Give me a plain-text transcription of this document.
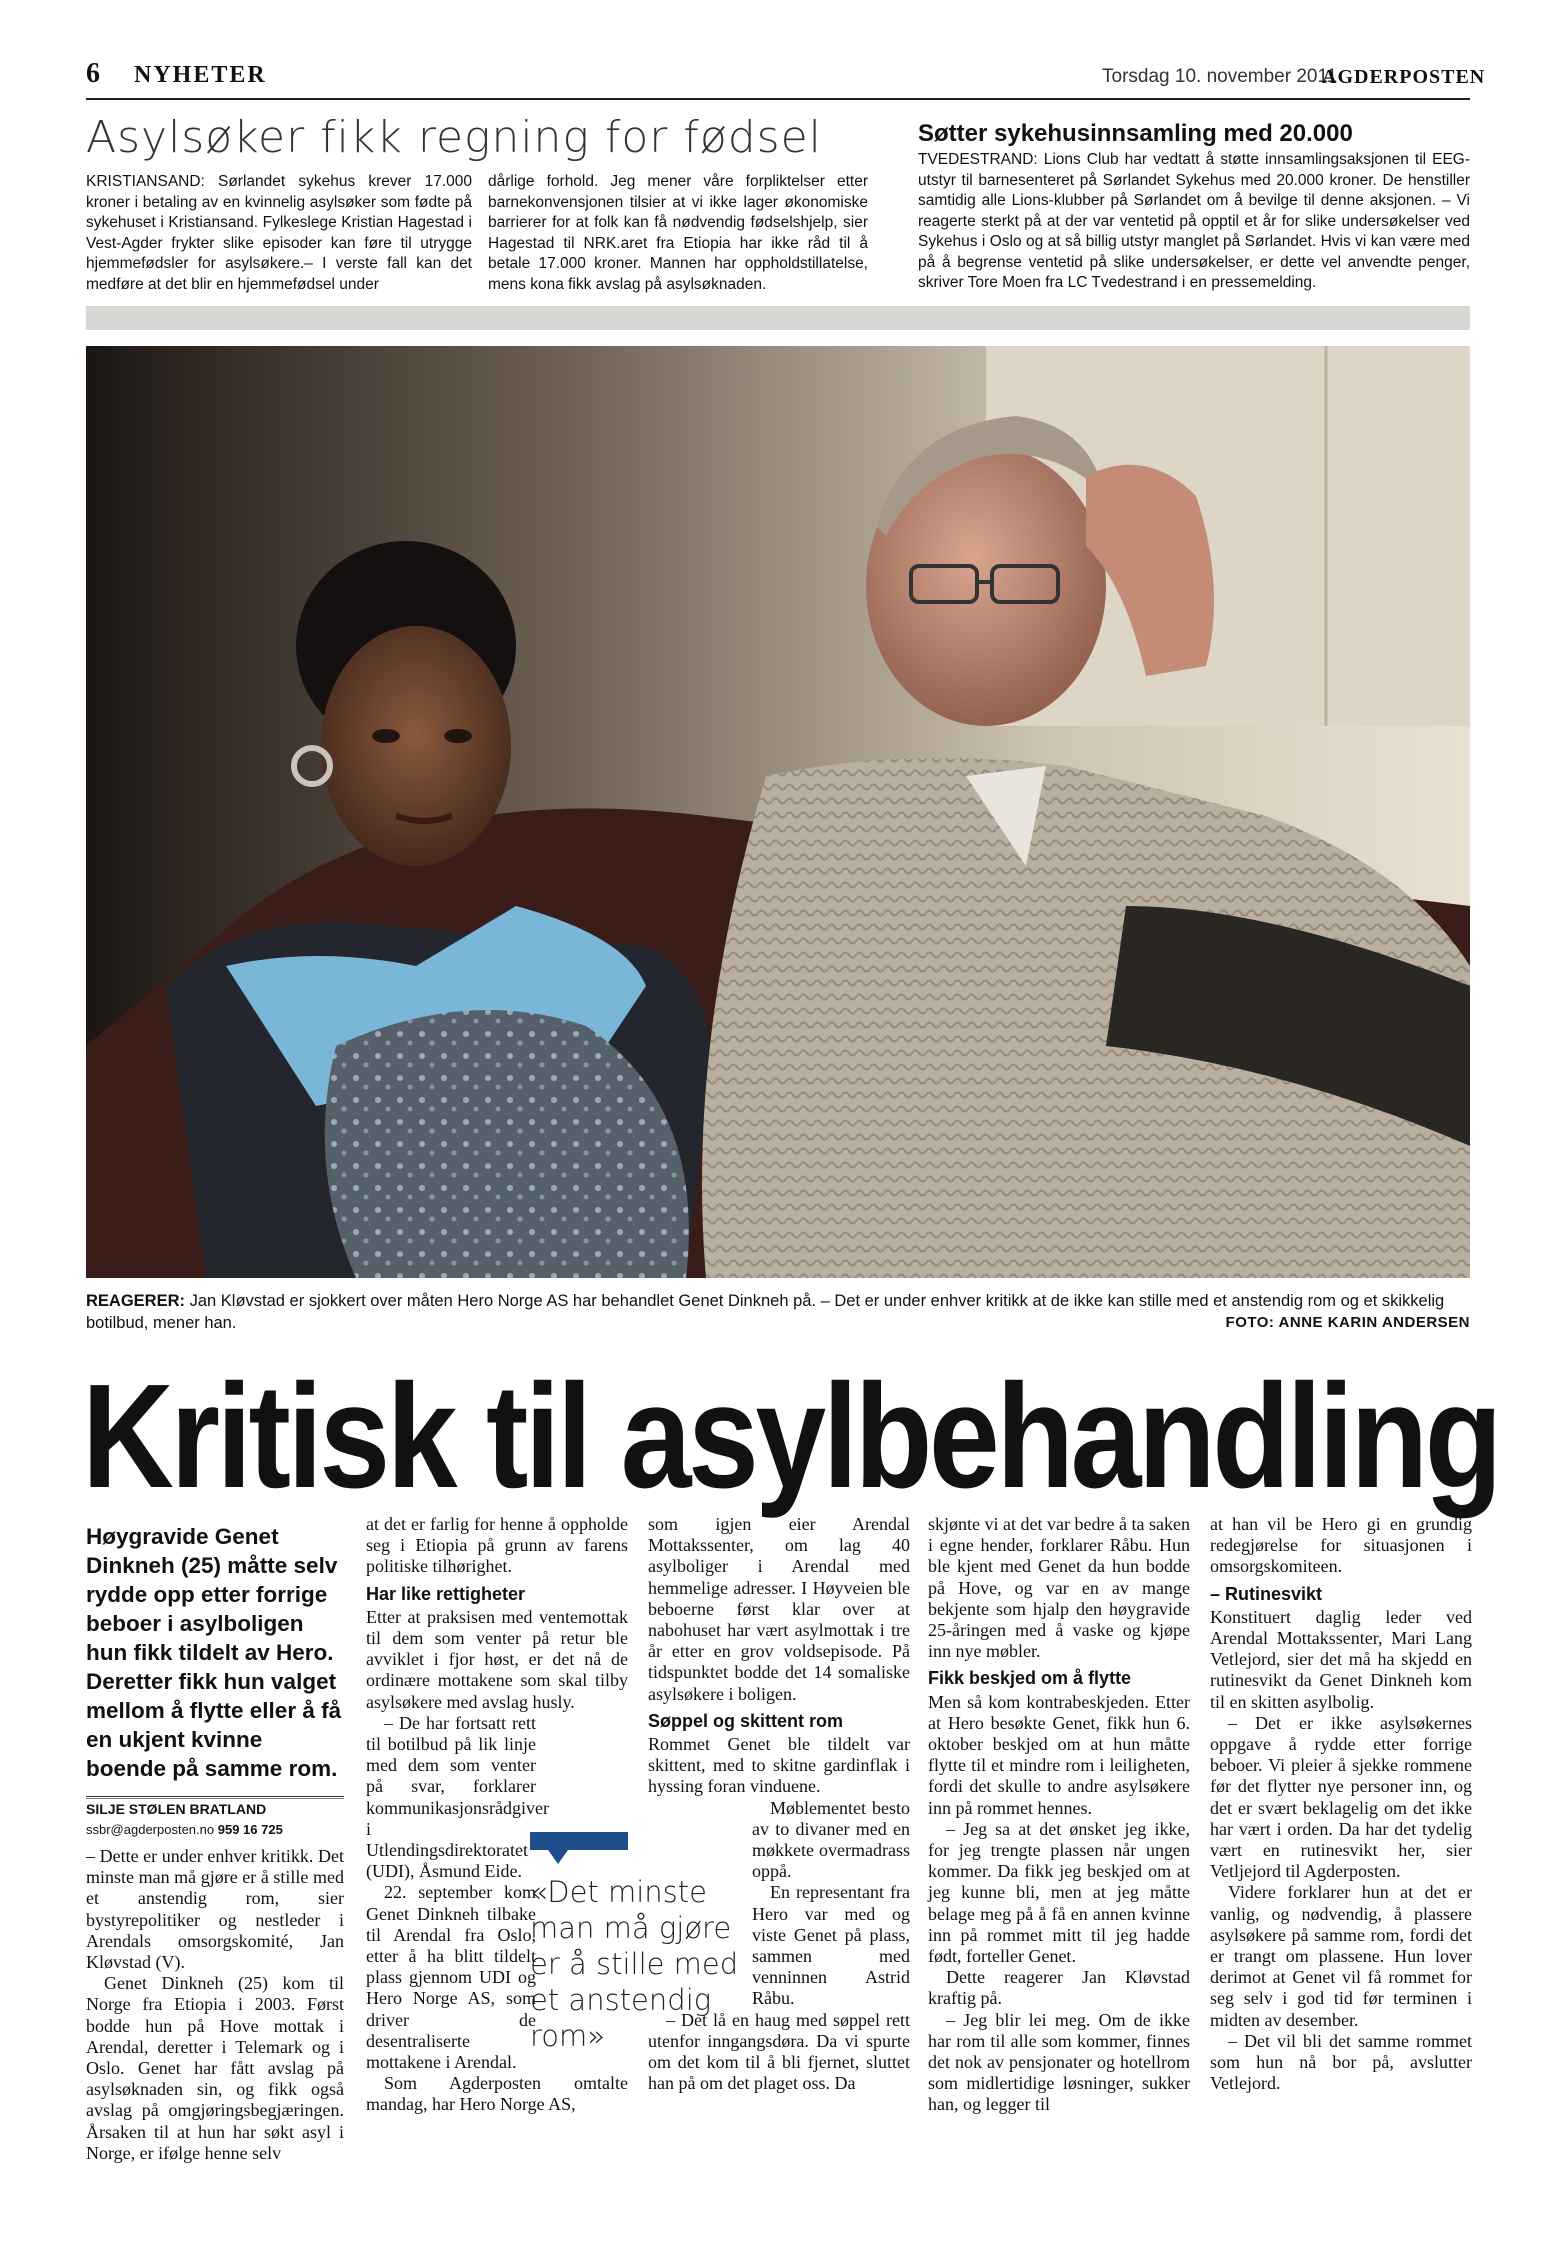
6 NYHETER	Torsdag 10. november 2011
AGDERPOSTEN
Asylsøker fikk regning for fødsel
KRISTIANSAND: Sørlandet sykehus krever 17.000 kroner i betaling av en kvinnelig asylsøker som fødte på sykehuset i Kristiansand. Fylkeslege Kristian Hagestad i Vest-Agder frykter slike episoder kan føre til utrygge hjemmefødsler for asylsøkere.– I verste fall kan det medføre at det blir en hjemmefødsel under
dårlige forhold. Jeg mener våre forpliktelser etter barnekonvensjonen tilsier at vi ikke lager økonomiske barrierer for at folk kan få nødvendig fødselshjelp, sier Hagestad til NRK.aret fra Etiopia har ikke råd til å betale 17.000 kroner. Mannen har oppholdstillatelse, mens kona fikk avslag på asylsøknaden.
Søtter sykehusinnsamling med 20.000
TVEDESTRAND: Lions Club har vedtatt å støtte innsamlingsaksjonen til EEG-utstyr til barnesenteret på Sørlandet Sykehus med 20.000 kroner. De henstiller samtidig alle Lions-klubber på Sørlandet om å bevilge til denne aksjonen. – Vi reagerte sterkt på at der var ventetid på opptil et år for slike undersøkelser ved Sykehus i Oslo og at så billig utstyr manglet på Sørlandet. Hvis vi kan være med på å begrense ventetid på slike undersøkelser, er dette vel anvendte penger, skriver Tore Moen fra LC Tvedestrand i en pressemelding.
REAGERER: Jan Kløvstad er sjokkert over måten Hero Norge AS har behandlet Genet Dinkneh på. – Det er under enhver kritikk at de ikke kan stille med et anstendig rom og et skikkelig botilbud, mener han.	FOTO: ANNE KARIN ANDERSEN
Kritisk til asylbehandling
Høygravide Genet Dinkneh (25) måtte selv rydde opp etter forrige beboer i asylboligen hun fikk tildelt av Hero. Deretter fikk hun valget mellom å flytte eller å få en ukjent kvinne boende på samme rom.
SILJE STØLEN BRATLAND
ssbr@agderposten.no 959 16 725

– Dette er under enhver kritikk. Det minste man må gjøre er å stille med et anstendig rom, sier bystyrepolitiker og nestleder i Arendals omsorgskomité, Jan Kløvstad (V).

Genet Dinkneh (25) kom til Norge fra Etiopia i 2003. Først bodde hun på Hove mottak i Arendal, deretter i Telemark og i Oslo. Genet har fått avslag på asylsøknaden sin, og fikk også avslag på omgjøringsbegjæringen. Årsaken til at hun har søkt asyl i Norge, er ifølge henne selv

at det er farlig for henne å oppholde seg i Etiopia på grunn av farens politiske tilhørighet.

Har like rettigheter

Etter at praksisen med ventemottak til dem som venter på retur ble avviklet i fjor høst, er det nå de ordinære mottakene som skal tilby asylsøkere med avslag husly.

– De har fortsatt rett til botilbud på lik linje med dem som venter på svar, forklarer kommunikasjonsrådgiver i Utlendingsdirektoratet (UDI), Åsmund Eide.

22. september kom Genet Dinkneh tilbake til Arendal fra Oslo, etter å ha blitt tildelt plass gjennom UDI og Hero Norge AS, som driver de desentraliserte mottakene i Arendal.

Som Agderposten omtalte mandag, har Hero Norge AS,

som igjen eier Arendal Mottakssenter, om lag 40 asylboliger i Arendal med hemmelige adresser. I Høyveien ble beboerne først klar over at nabohuset har vært asylmottak i tre år etter en grov voldsepisode. På tidspunktet bodde det 14 somaliske asylsøkere i boligen.

Søppel og skittent rom

Rommet Genet ble tildelt var skittent, med to skitne gardinflak i hyssing foran vinduene.

Møblementet besto av to divaner med en møkkete overmadrass oppå.

En representant fra Hero var med og viste Genet på plass, sammen med venninnen Astrid Råbu.

– Det lå en haug med søppel rett utenfor inngangsdøra. Da vi spurte om det kom til å bli fjernet, sluttet han på om det plaget oss. Da

«Det minste man må gjøre er å stille med et anstendig rom»

skjønte vi at det var bedre å ta saken i egne hender, forklarer Råbu. Hun ble kjent med Genet da hun bodde på Hove, og var en av mange bekjente som hjalp den høygravide 25-åringen med å vaske og kjøpe inn nye møbler.

Fikk beskjed om å flytte

Men så kom kontrabeskjeden. Etter at Hero besøkte Genet, fikk hun 6. oktober beskjed om at hun måtte flytte til et mindre rom i leiligheten, fordi det skulle to andre asylsøkere inn på rommet hennes.

– Jeg sa at det ønsket jeg ikke, for jeg trengte plassen når ungen kommer. Da fikk jeg beskjed om at jeg kunne bli, men at jeg måtte belage meg på å få en annen kvinne inn på rommet mitt til jeg hadde født, forteller Genet.

Dette reagerer Jan Kløvstad kraftig på.

– Jeg blir lei meg. Om de ikke har rom til alle som kommer, finnes det nok av pensjonater og hotellrom som midlertidige løsninger, sukker han, og legger til

at han vil be Hero gi en grundig redegjørelse for situasjonen i omsorgskomiteen.

– Rutinesvikt

Konstituert daglig leder ved Arendal Mottakssenter, Mari Lang Vetlejord, sier det må ha skjedd en rutinesvikt da Genet Dinkneh kom til en skitten asylbolig.

– Det er ikke asylsøkernes oppgave å rydde etter forrige beboer. Vi pleier å sjekke rommene før det flytter nye personer inn, og det er svært beklagelig om det ikke har vært i orden. Da har det tydelig vært en rutinesvikt her, sier Vetljejord til Agderposten.

Videre forklarer hun at det er vanlig, og nødvendig, å plassere asylsøkere på samme rom, fordi det er trangt om plassene. Hun lover derimot at Genet vil få rommet for seg selv i god tid før terminen i midten av desember.

– Det vil bli det samme rommet som hun nå bor på, avslutter Vetlejord.
